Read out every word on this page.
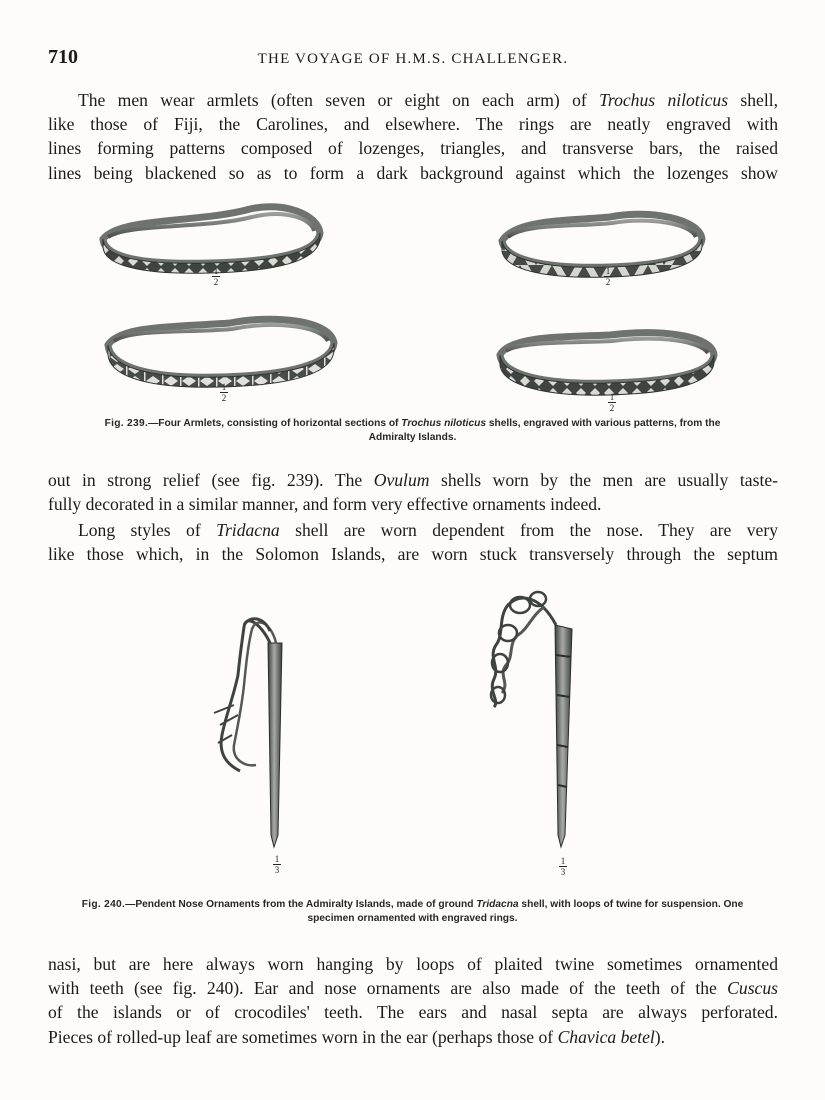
710	THE VOYAGE OF H.M.S. CHALLENGER.
The men wear armlets (often seven or eight on each arm) of Trochus niloticus shell,
like those of Fiji, the Carolines, and elsewhere. The rings are neatly engraved with
lines forming patterns composed of lozenges, triangles, and transverse bars, the raised
lines being blackened so as to form a dark background against which the lozenges show
1
2
1
2
1
2	1
2
Fig. 239.—Four Armlets, consisting of horizontal sections of Trochus niloticus shells, engraved with various patterns, from the Admiralty Islands.
out in strong relief (see fig. 239). The Ovulum shells worn by the men are usually taste-
fully decorated in a similar manner, and form very effective ornaments indeed.
Long styles of Tridacna shell are worn dependent from the nose. They are very
like those which, in the Solomon Islands, are worn stuck transversely through the septum
1
3
1
3
Fig. 240.—Pendent Nose Ornaments from the Admiralty Islands, made of ground Tridacna shell, with loops of twine for suspension. One specimen ornamented with engraved rings.
nasi, but are here always worn hanging by loops of plaited twine sometimes ornamented
with teeth (see fig. 240). Ear and nose ornaments are also made of the teeth of the Cuscus
of the islands or of crocodiles' teeth. The ears and nasal septa are always perforated.
Pieces of rolled-up leaf are sometimes worn in the ear (perhaps those of Chavica betel).
